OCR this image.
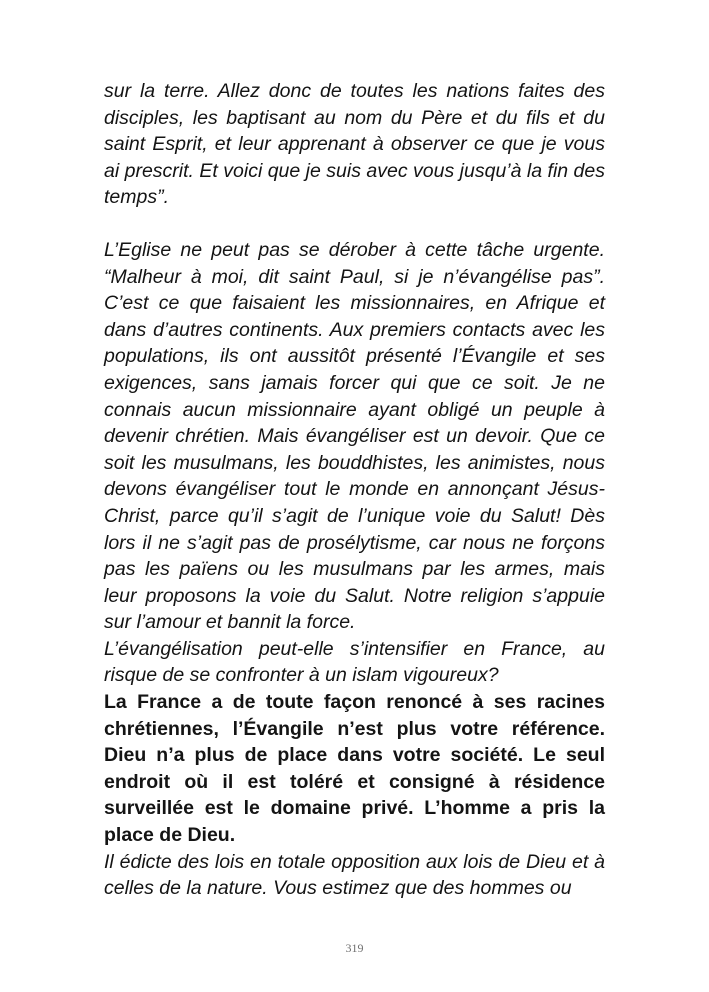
sur la terre. Allez donc de toutes les nations faites des disciples, les baptisant au nom du Père et du fils et du saint Esprit, et leur apprenant à observer ce que je vous ai prescrit. Et voici que je suis avec vous jusqu’à la fin des temps”.

L’Eglise ne peut pas se dérober à cette tâche urgente. “Malheur à moi, dit saint Paul, si je n’évangélise pas”. C’est ce que faisaient les missionnaires, en Afrique et dans d’autres continents. Aux premiers contacts avec les populations, ils ont aussitôt présenté l’Évangile et ses exigences, sans jamais forcer qui que ce soit. Je ne connais aucun missionnaire ayant obligé un peuple à devenir chrétien. Mais évangéliser est un devoir. Que ce soit les musulmans, les bouddhistes, les animistes, nous devons évangéliser tout le monde en annonçant Jésus-Christ, parce qu’il s’agit de l’unique voie du Salut! Dès lors il ne s’agit pas de prosélytisme, car nous ne forçons pas les païens ou les musulmans par les armes, mais leur proposons la voie du Salut. Notre religion s’appuie sur l’amour et bannit la force.

L’évangélisation peut-elle s’intensifier en France, au risque de se confronter à un islam vigoureux?

La France a de toute façon renoncé à ses racines chrétiennes, l’Évangile n’est plus votre référence. Dieu n’a plus de place dans votre société. Le seul endroit où il est toléré et consigné à résidence surveillée est le domaine privé. L’homme a pris la place de Dieu.

Il édicte des lois en totale opposition aux lois de Dieu et à celles de la nature. Vous estimez que des hommes ou

319
